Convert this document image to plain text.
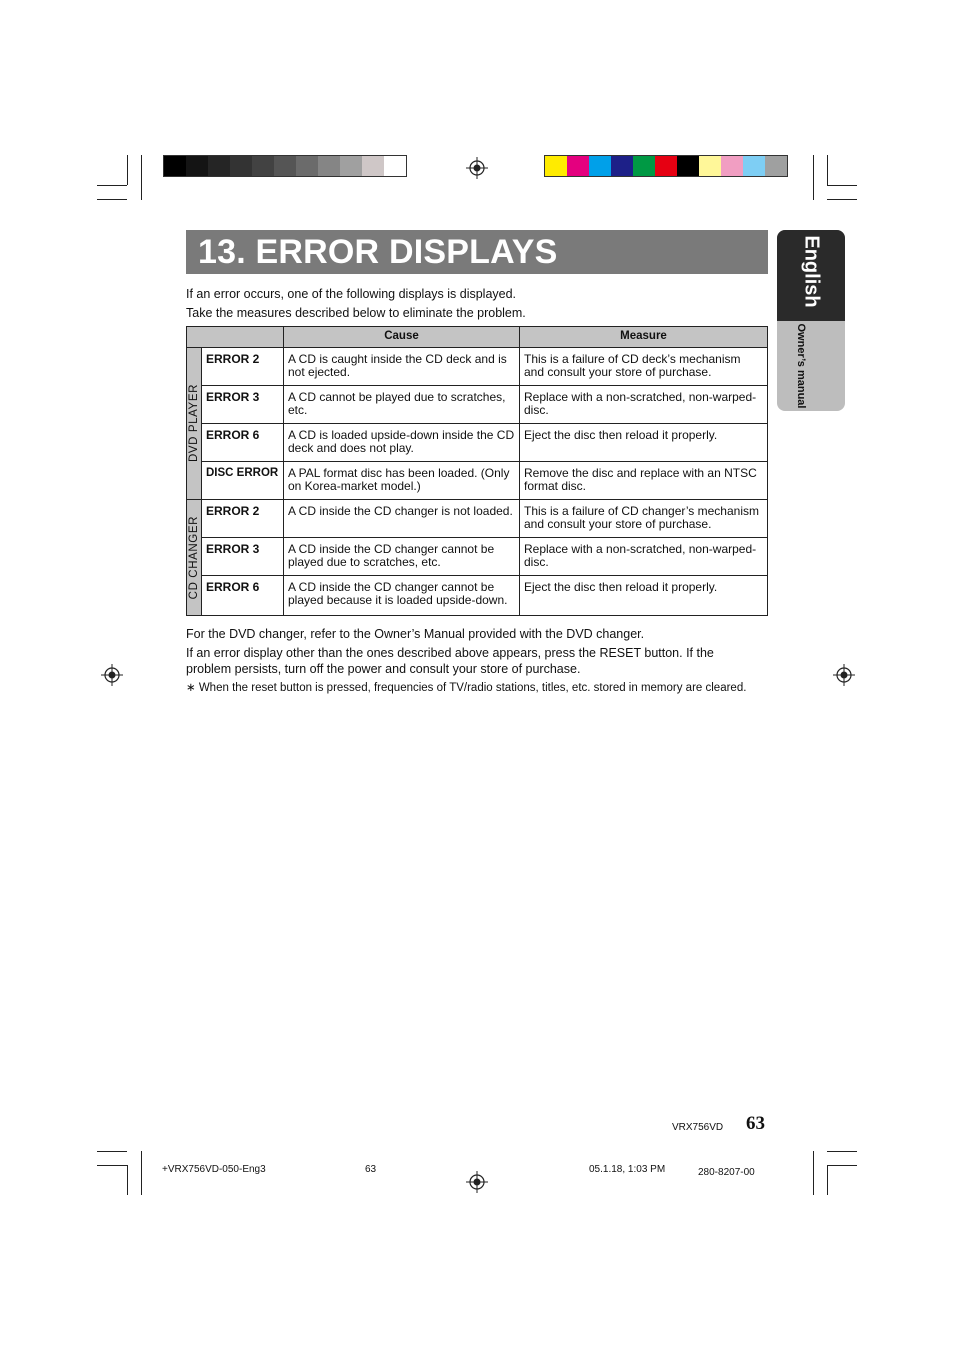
13. ERROR DISPLAYS	English
Owner’s manual
If an error occurs, one of the following displays is displayed.
Take the measures described below to eliminate the problem.
		Cause	Measure

DVD PLAYER	ERROR 2	A CD is caught inside the CD deck and is not ejected.	This is a failure of CD deck’s mechanism and consult your store of purchase.
	ERROR 3	A CD cannot be played due to scratches, etc.	Replace with a non-scratched, non-warped-disc.
	ERROR 6	A CD is loaded upside-down inside the CD deck and does not play.	Eject the disc then reload it properly.
	DISC ERROR	A PAL format disc has been loaded. (Only on Korea-market model.)	Remove the disc and replace with an NTSC format disc.

CD CHANGER	ERROR 2	A CD inside the CD changer is not loaded.	This is a failure of CD changer’s mechanism and consult your store of purchase.
	ERROR 3	A CD inside the CD changer cannot be played due to scratches, etc.	Replace with a non-scratched, non-warped-disc.
	ERROR 6	A CD inside the CD changer cannot be played because it is loaded upside-down.	Eject the disc then reload it properly.
For the DVD changer, refer to the Owner’s Manual provided with the DVD changer.
If an error display other than the ones described above appears, press the RESET button. If the problem persists, turn off the power and consult your store of purchase.
∗ When the reset button is pressed, frequencies of TV/radio stations, titles, etc. stored in memory are cleared.
VRX756VD 63
+VRX756VD-050-Eng3	63	05.1.18, 1:03 PM	280-8207-00
